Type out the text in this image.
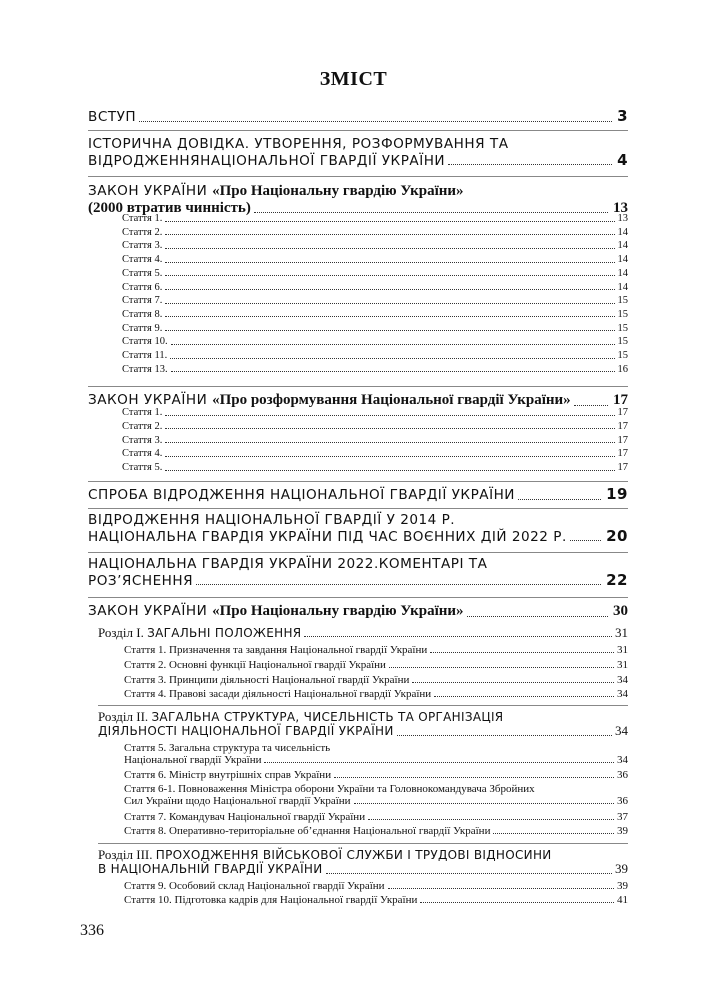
ЗМІСТ
ВСТУП	3
ІСТОРИЧНА ДОВІДКА. УТВОРЕННЯ, РОЗФОРМУВАННЯ ТА
ВІДРОДЖЕННЯНАЦІОНАЛЬНОЇ ГВАРДІЇ УКРАЇНИ	4
ЗАКОН УКРАЇНИ «Про Національну гвардію України»
(2000 втратив чинність)	13
Стаття 1.	13
Стаття 2.	14
Стаття 3.	14
Стаття 4.	14
Стаття 5.	14
Стаття 6.	14
Стаття 7.	15
Стаття 8.	15
Стаття 9.	15
Стаття 10.	15
Стаття 11.	15
Стаття 13.	16
ЗАКОН УКРАЇНИ «Про розформування Національної гвардії України»	17
Стаття 1.	17
Стаття 2.	17
Стаття 3.	17
Стаття 4.	17
Стаття 5.	17
СПРОБА ВІДРОДЖЕННЯ НАЦІОНАЛЬНОЇ ГВАРДІЇ УКРАЇНИ	19
ВІДРОДЖЕННЯ НАЦІОНАЛЬНОЇ ГВАРДІЇ У 2014 Р.
НАЦІОНАЛЬНА ГВАРДІЯ УКРАЇНИ ПІД ЧАС ВОЄННИХ ДІЙ 2022 Р.	20
НАЦІОНАЛЬНА ГВАРДІЯ УКРАЇНИ 2022.КОМЕНТАРІ ТА
РОЗ’ЯСНЕННЯ	22
ЗАКОН УКРАЇНИ «Про Національну гвардію України»	30
Розділ І. ЗАГАЛЬНІ ПОЛОЖЕННЯ	31
Стаття 1. Призначення та завдання Національної гвардії України	31
Стаття 2. Основні функції Національної гвардії України	31
Стаття 3. Принципи діяльності Національної гвардії України	34
Стаття 4. Правові засади діяльності Національної гвардії України	34
Розділ ІІ. ЗАГАЛЬНА СТРУКТУРА, ЧИСЕЛЬНІСТЬ ТА ОРГАНІЗАЦІЯ
ДІЯЛЬНОСТІ НАЦІОНАЛЬНОЇ ГВАРДІЇ УКРАЇНИ	34
Стаття 5. Загальна структура та чисельність
Національної гвардії України	34
Стаття 6. Міністр внутрішніх справ України	36
Стаття 6-1. Повноваження Міністра оборони України та Головнокомандувача Збройних
Сил України щодо Національної гвардії України	36
Стаття 7. Командувач Національної гвардії України	37
Стаття 8. Оперативно-територіальне об’єднання Національної гвардії України	39
Розділ ІІІ. ПРОХОДЖЕННЯ ВІЙСЬКОВОЇ СЛУЖБИ І ТРУДОВІ ВІДНОСИНИ
В НАЦІОНАЛЬНІЙ ГВАРДІЇ УКРАЇНИ	39
Стаття 9. Особовий склад Національної гвардії України	39
Стаття 10. Підготовка кадрів для Національної гвардії України	41
336
